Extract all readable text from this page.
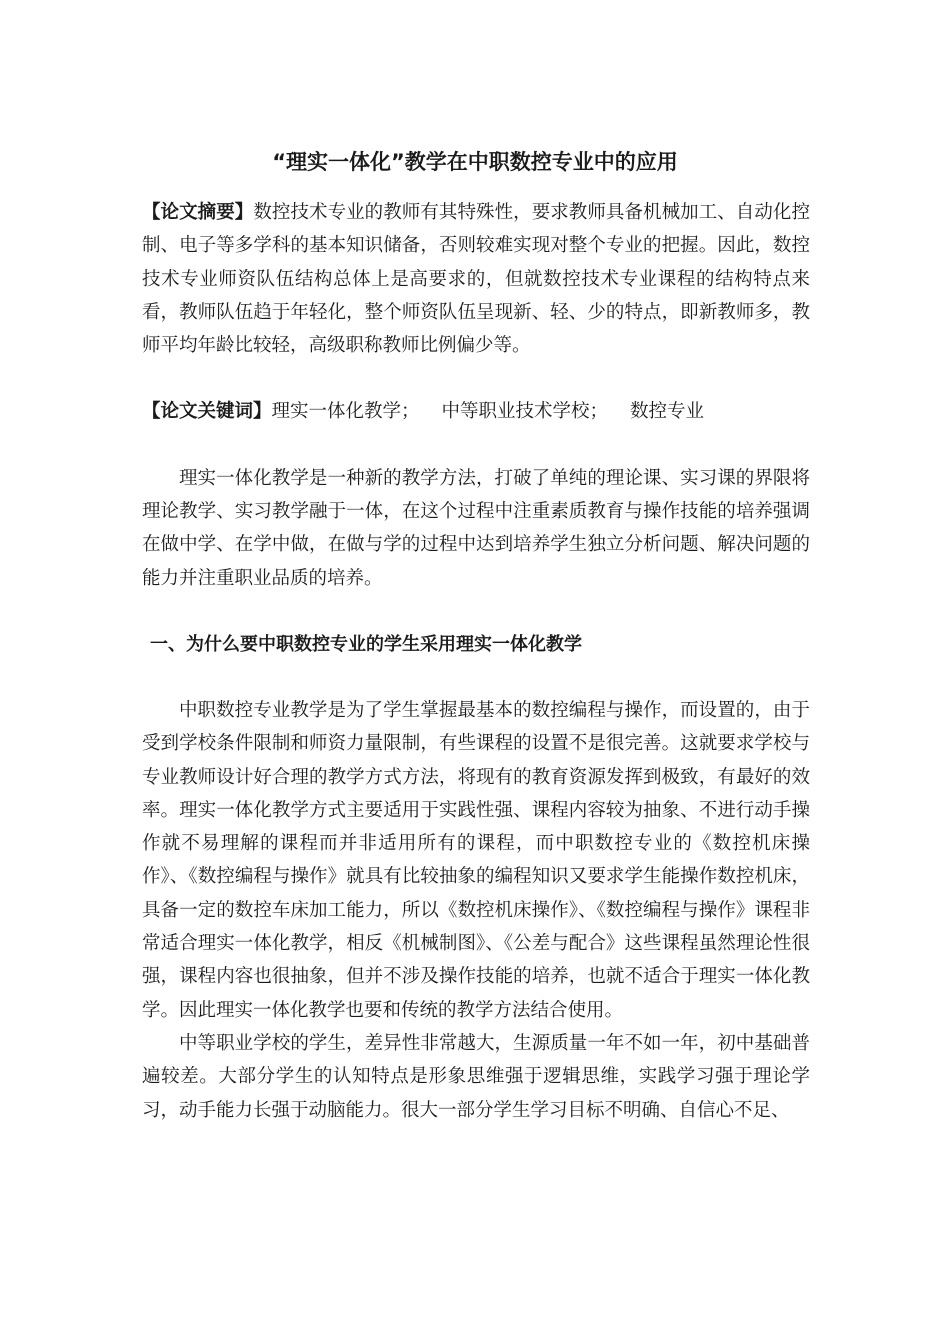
“理实一体化”教学在中职数控专业中的应用

【论文摘要】数控技术专业的教师有其特殊性，要求教师具备机械加工、自动化控制、电子等多学科的基本知识储备，否则较难实现对整个专业的把握。因此，数控技术专业师资队伍结构总体上是高要求的，但就数控技术专业课程的结构特点来看，教师队伍趋于年轻化，整个师资队伍呈现新、轻、少的特点，即新教师多，教师平均年龄比较轻，高级职称教师比例偏少等。

【论文关键词】理实一体化教学； 中等职业技术学校； 数控专业

理实一体化教学是一种新的教学方法，打破了单纯的理论课、实习课的界限将理论教学、实习教学融于一体，在这个过程中注重素质教育与操作技能的培养强调在做中学、在学中做，在做与学的过程中达到培养学生独立分析问题、解决问题的能力并注重职业品质的培养。

一、为什么要中职数控专业的学生采用理实一体化教学

中职数控专业教学是为了学生掌握最基本的数控编程与操作，而设置的，由于受到学校条件限制和师资力量限制，有些课程的设置不是很完善。这就要求学校与专业教师设计好合理的教学方式方法，将现有的教育资源发挥到极致，有最好的效率。理实一体化教学方式主要适用于实践性强、课程内容较为抽象、不进行动手操作就不易理解的课程而并非适用所有的课程，而中职数控专业的《数控机床操作》、《数控编程与操作》就具有比较抽象的编程知识又要求学生能操作数控机床，具备一定的数控车床加工能力，所以《数控机床操作》、《数控编程与操作》课程非常适合理实一体化教学，相反《机械制图》、《公差与配合》这些课程虽然理论性很强，课程内容也很抽象，但并不涉及操作技能的培养，也就不适合于理实一体化教学。因此理实一体化教学也要和传统的教学方法结合使用。

中等职业学校的学生，差异性非常越大，生源质量一年不如一年，初中基础普遍较差。大部分学生的认知特点是形象思维强于逻辑思维，实践学习强于理论学习，动手能力长强于动脑能力。很大一部分学生学习目标不明确、自信心不足、
